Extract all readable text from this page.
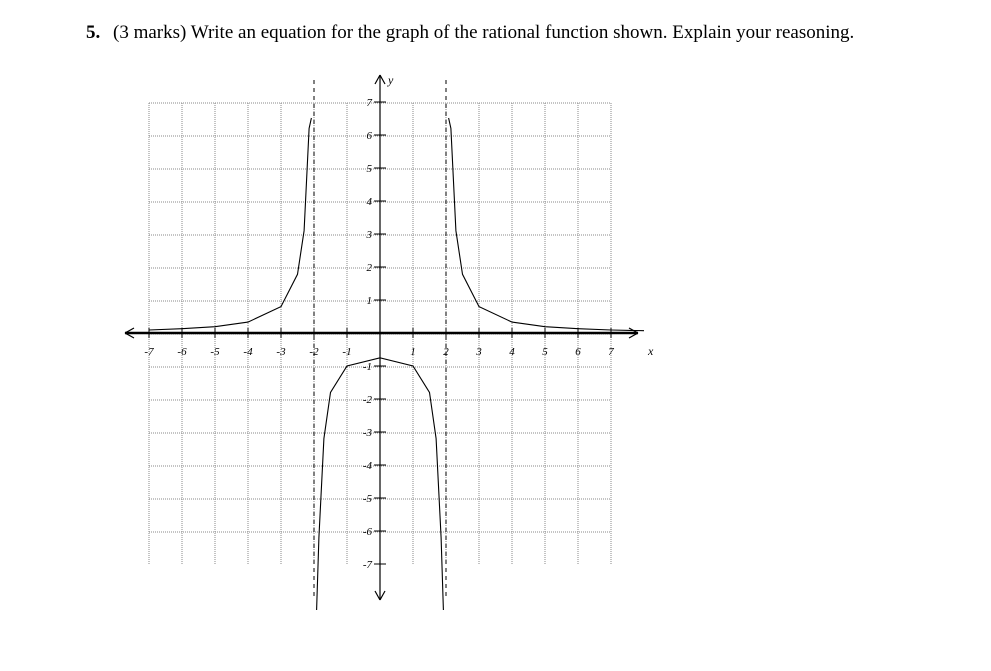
5. (3 marks) Write an equation for the graph of the rational function shown. Explain your reasoning.
-7 -6 -5 -4 -3 -2 -1	1	2	3	4	5	6	7
-7
-6
-5
-4
-3
-2
-1
1
2
3
4
5
6
7
x
y
